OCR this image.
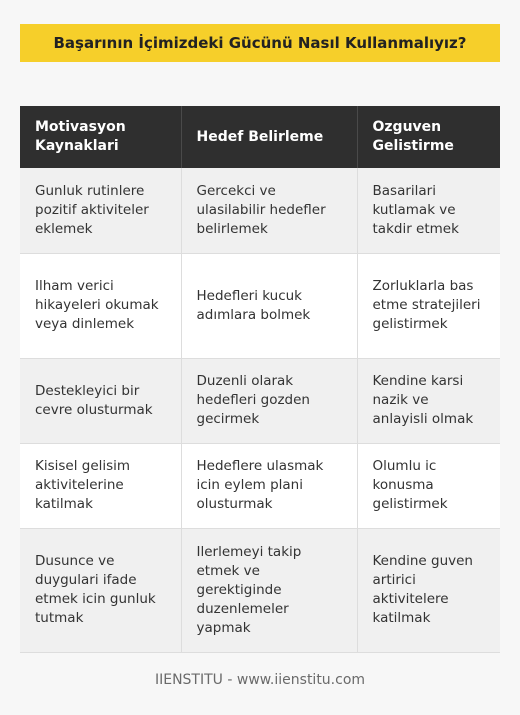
Başarının İçimizdeki Gücünü Nasıl Kullanmalıyız?
Motivasyon Kaynaklari	Hedef Belirleme	Ozguven Gelistirme
Gunluk rutinlere pozitif aktiviteler eklemek	Gercekci ve ulasilabilir hedefler belirlemek	Basarilari kutlamak ve takdir etmek
Ilham verici hikayeleri okumak veya dinlemek	Hedefleri kucuk adımlara bolmek	Zorluklarla bas etme stratejileri gelistirmek
Destekleyici bir cevre olusturmak	Duzenli olarak hedefleri gozden gecirmek	Kendine karsi nazik ve anlayisli olmak
Kisisel gelisim aktivitelerine katilmak	Hedeflere ulasmak icin eylem plani olusturmak	Olumlu ic konusma gelistirmek
Dusunce ve duygulari ifade etmek icin gunluk tutmak	Ilerlemeyi takip etmek ve gerektiginde duzenlemeler yapmak	Kendine guven artirici aktivitelere katilmak
IIENSTITU - www.iienstitu.com
